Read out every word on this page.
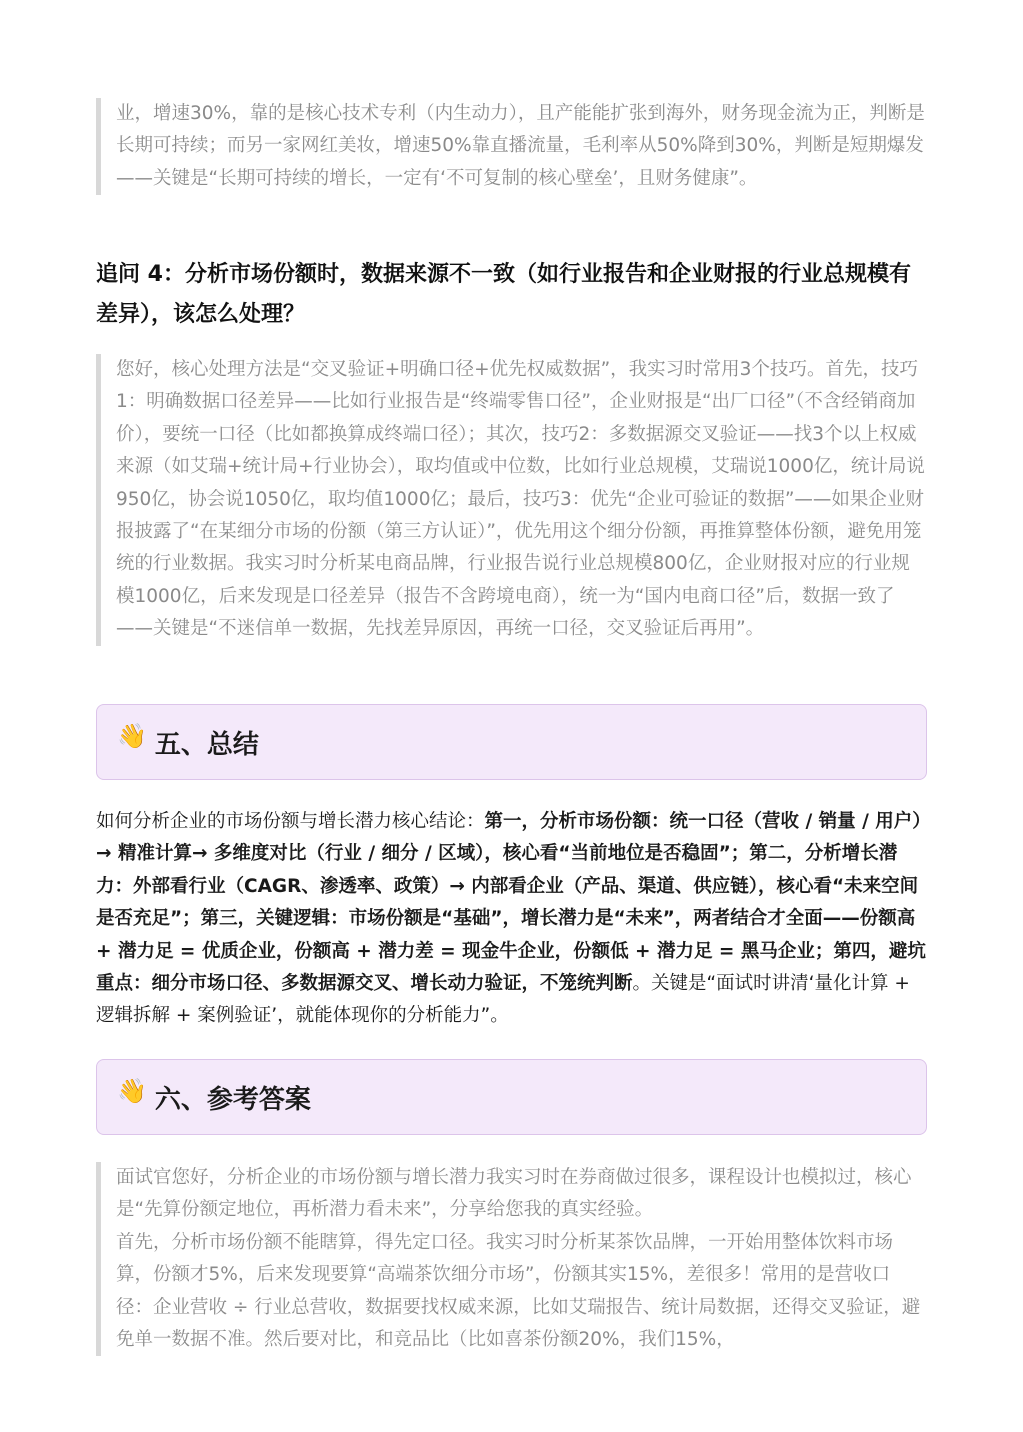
业，增速30%，靠的是核心技术专利（内生动力），且产能能扩张到海外，财务现金流为正，判断是长期可持续；而另一家网红美妆，增速50%靠直播流量，毛利率从50%降到30%，判断是短期爆发——关键是“长期可持续的增长，一定有‘不可复制的核心壁垒’，且财务健康”。

追问 4：分析市场份额时，数据来源不一致（如行业报告和企业财报的行业总规模有差异），该怎么处理？

您好，核心处理方法是“交叉验证+明确口径+优先权威数据”，我实习时常用3个技巧。首先，技巧1：明确数据口径差异——比如行业报告是“终端零售口径”，企业财报是“出厂口径”（不含经销商加价），要统一口径（比如都换算成终端口径）；其次，技巧2：多数据源交叉验证——找3个以上权威来源（如艾瑞+统计局+行业协会），取均值或中位数，比如行业总规模，艾瑞说1000亿，统计局说950亿，协会说1050亿，取均值1000亿；最后，技巧3：优先“企业可验证的数据”——如果企业财报披露了“在某细分市场的份额（第三方认证）”，优先用这个细分份额，再推算整体份额，避免用笼统的行业数据。我实习时分析某电商品牌，行业报告说行业总规模800亿，企业财报对应的行业规模1000亿，后来发现是口径差异（报告不含跨境电商），统一为“国内电商口径”后，数据一致了——关键是“不迷信单一数据，先找差异原因，再统一口径，交叉验证后再用”。

👋 五、总结

如何分析企业的市场份额与增长潜力核心结论：第一，分析市场份额：统一口径（营收 / 销量 / 用户）→ 精准计算→ 多维度对比（行业 / 细分 / 区域），核心看“当前地位是否稳固”；第二，分析增长潜力：外部看行业（CAGR、渗透率、政策）→ 内部看企业（产品、渠道、供应链），核心看“未来空间是否充足”；第三，关键逻辑：市场份额是“基础”，增长潜力是“未来”，两者结合才全面——份额高 + 潜力足 = 优质企业，份额高 + 潜力差 = 现金牛企业，份额低 + 潜力足 = 黑马企业；第四，避坑重点：细分市场口径、多数据源交叉、增长动力验证，不笼统判断。关键是“面试时讲清‘量化计算 + 逻辑拆解 + 案例验证’，就能体现你的分析能力”。

👋 六、参考答案

面试官您好，分析企业的市场份额与增长潜力我实习时在券商做过很多，课程设计也模拟过，核心是“先算份额定地位，再析潜力看未来”，分享给您我的真实经验。

首先，分析市场份额不能瞎算，得先定口径。我实习时分析某茶饮品牌，一开始用整体饮料市场算，份额才5%，后来发现要算“高端茶饮细分市场”，份额其实15%，差很多！常用的是营收口径：企业营收 ÷ 行业总营收，数据要找权威来源，比如艾瑞报告、统计局数据，还得交叉验证，避免单一数据不准。然后要对比，和竞品比（比如喜茶份额20%，我们15%，
